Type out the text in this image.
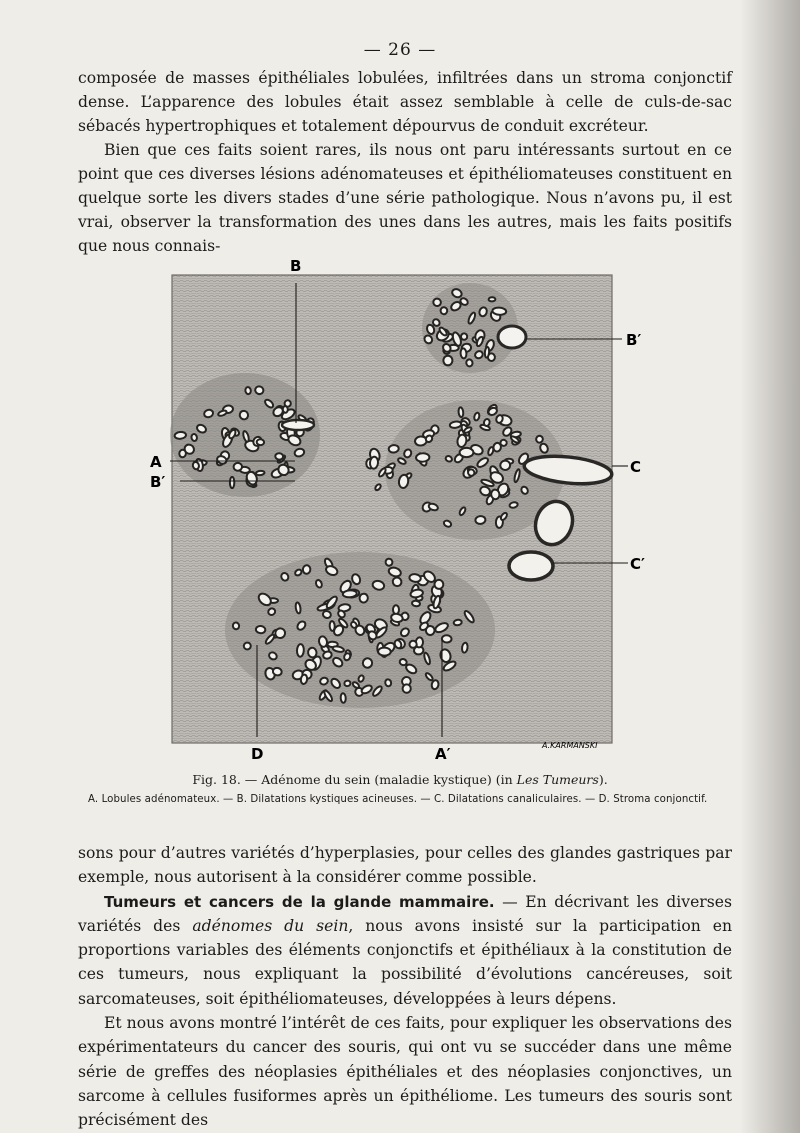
— 26 —

composée de masses épithéliales lobulées, infiltrées dans un stroma conjonctif dense. L’apparence des lobules était assez semblable à celle de culs-de-sac sébacés hypertrophiques et totalement dépourvus de conduit excréteur.

Bien que ces faits soient rares, ils nous ont paru intéressants surtout en ce point que ces diverses lésions adénomateuses et épithéliomateuses constituent en quelque sorte les divers stades d’une série pathologique. Nous n’avons pu, il est vrai, observer la transformation des unes dans les autres, mais les faits positifs que nous connais-

B
B′
A
B′
C
C′
D	A′	A.KARMANSKI
Fig. 18. — Adénome du sein (maladie kystique) (in Les Tumeurs).
A. Lobules adénomateux. — B. Dilatations kystiques acineuses. — C. Dilatations canaliculaires. — D. Stroma conjonctif.

sons pour d’autres variétés d’hyperplasies, pour celles des glandes gastriques par exemple, nous autorisent à la considérer comme possible.

Tumeurs et cancers de la glande mammaire. — En décrivant les diverses variétés des adénomes du sein, nous avons insisté sur la participation en proportions variables des éléments conjonctifs et épithéliaux à la constitution de ces tumeurs, nous expliquant la possibilité d’évolutions cancéreuses, soit sarcomateuses, soit épithéliomateuses, développées à leurs dépens.

Et nous avons montré l’intérêt de ces faits, pour expliquer les observations des expérimentateurs du cancer des souris, qui ont vu se succéder dans une même série de greffes des néoplasies épithéliales et des néoplasies conjonctives, un sarcome à cellules fusiformes après un épithéliome. Les tumeurs des souris sont précisément des
